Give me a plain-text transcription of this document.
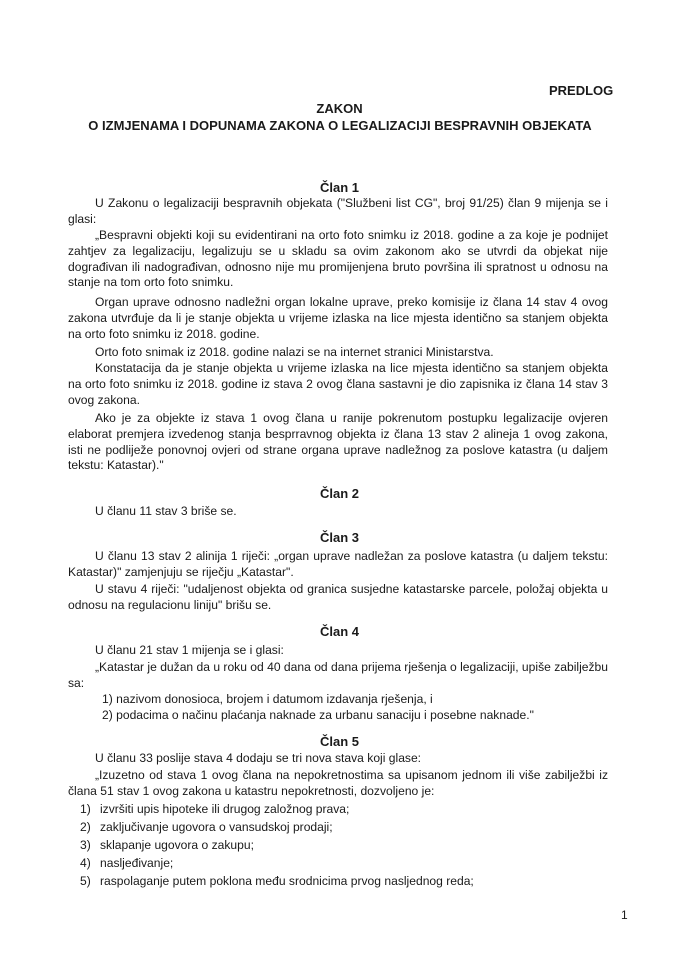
PREDLOG
ZAKON
O IZMJENAMA I DOPUNAMA ZAKONA O LEGALIZACIJI BESPRAVNIH OBJEKATA
Član 1
U Zakonu o legalizaciji bespravnih objekata ("Službeni list CG", broj 91/25) član 9 mijenja se i glasi:
„Bespravni objekti koji su evidentirani na orto foto snimku iz 2018. godine a za koje je podnijet zahtjev za legalizaciju, legalizuju se u skladu sa ovim zakonom ako se utvrdi da objekat nije dograđivan ili nadograđivan, odnosno nije mu promijenjena bruto površina ili spratnost u odnosu na stanje na tom orto foto snimku.
Organ uprave odnosno nadležni organ lokalne uprave, preko komisije iz člana 14 stav 4 ovog zakona utvrđuje da li je stanje objekta u vrijeme izlaska na lice mjesta identično sa stanjem objekta na orto foto snimku iz 2018. godine.
Orto foto snimak iz 2018. godine nalazi se na internet stranici Ministarstva.
Konstatacija da je stanje objekta u vrijeme izlaska na lice mjesta identično sa stanjem objekta na orto foto snimku iz 2018. godine iz stava 2 ovog člana sastavni je dio zapisnika iz člana 14 stav 3 ovog zakona.
Ako je za objekte iz stava 1 ovog člana u ranije pokrenutom postupku legalizacije ovjeren elaborat premjera izvedenog stanja besprravnog objekta iz člana 13 stav 2 alineja 1 ovog zakona, isti ne podliježe ponovnoj ovjeri od strane organa uprave nadležnog za poslove katastra (u daljem tekstu: Katastar)."
Član 2
U članu 11 stav 3 briše se.
Član 3
U članu 13 stav 2 alinija 1 riječi: „organ uprave nadležan za poslove katastra (u daljem tekstu: Katastar)" zamjenjuju se riječju „Katastar".
U stavu 4 riječi: "udaljenost objekta od granica susjedne katastarske parcele, položaj objekta u odnosu na regulacionu liniju" brišu se.
Član 4
U članu 21 stav 1 mijenja se i glasi:
„Katastar je dužan da u roku od 40 dana od dana prijema rješenja o legalizaciji, upiše zabilježbu sa:
1) nazivom donosioca, brojem i datumom izdavanja rješenja, i
2) podacima o načinu plaćanja naknade za urbanu sanaciju i posebne naknade."
Član 5
U članu 33 poslije stava 4 dodaju se tri nova stava koji glase:
„Izuzetno od stava 1 ovog člana na nepokretnostima sa upisanom jednom ili više zabilježbi iz člana 51 stav 1 ovog zakona u katastru nepokretnosti, dozvoljeno je:
1) izvršiti upis hipoteke ili drugog založnog prava;
2) zaključivanje ugovora o vansudskoj prodaji;
3) sklapanje ugovora o zakupu;
4) nasljeđivanje;
5) raspolaganje putem poklona među srodnicima prvog nasljednog reda;
1
